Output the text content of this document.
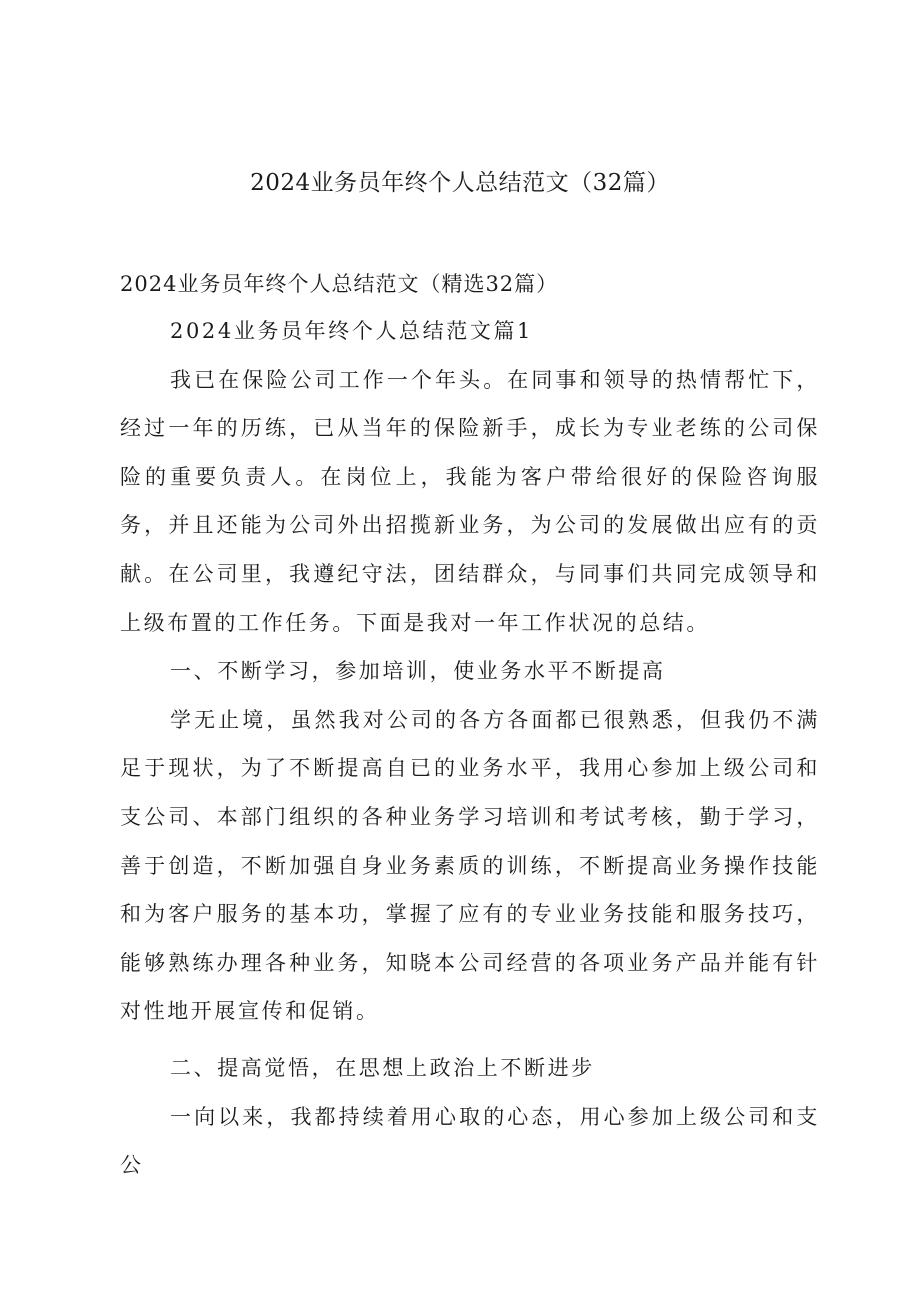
2024业务员年终个人总结范文（32篇）
2024业务员年终个人总结范文（精选32篇）

2024业务员年终个人总结范文篇1

我已在保险公司工作一个年头。在同事和领导的热情帮忙下，经过一年的历练，已从当年的保险新手，成长为专业老练的公司保险的重要负责人。在岗位上，我能为客户带给很好的保险咨询服务，并且还能为公司外出招揽新业务，为公司的发展做出应有的贡献。在公司里，我遵纪守法，团结群众，与同事们共同完成领导和上级布置的工作任务。下面是我对一年工作状况的总结。

一、不断学习，参加培训，使业务水平不断提高

学无止境，虽然我对公司的各方各面都已很熟悉，但我仍不满足于现状，为了不断提高自已的业务水平，我用心参加上级公司和支公司、本部门组织的各种业务学习培训和考试考核，勤于学习，善于创造，不断加强自身业务素质的训练，不断提高业务操作技能和为客户服务的基本功，掌握了应有的专业业务技能和服务技巧，能够熟练办理各种业务，知晓本公司经营的各项业务产品并能有针对性地开展宣传和促销。

二、提高觉悟，在思想上政治上不断进步

一向以来，我都持续着用心取的心态，用心参加上级公司和支公
